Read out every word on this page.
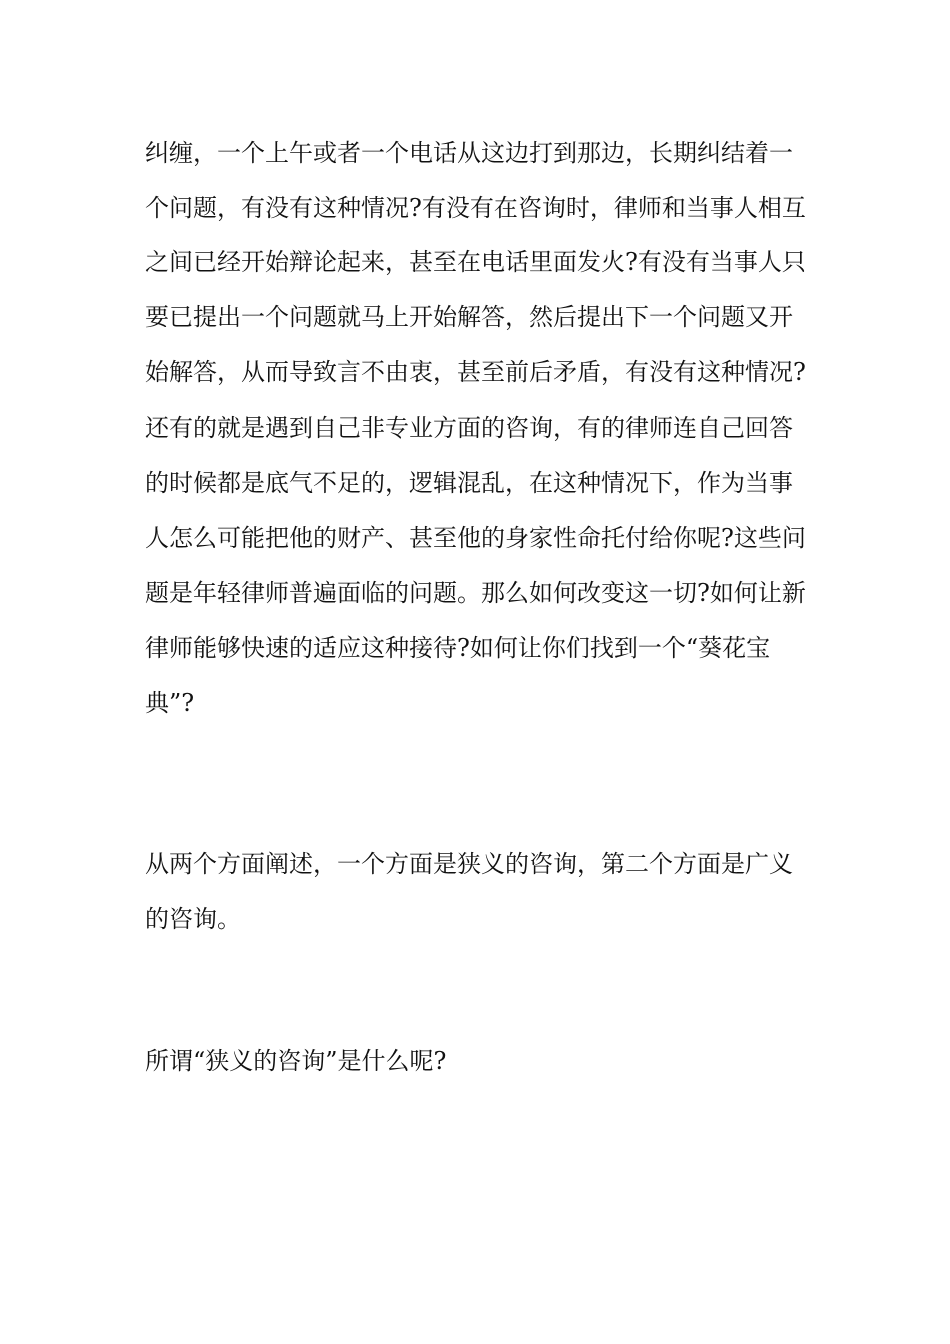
纠缠，一个上午或者一个电话从这边打到那边，长期纠结着一
个问题，有没有这种情况?有没有在咨询时，律师和当事人相互
之间已经开始辩论起来，甚至在电话里面发火?有没有当事人只
要已提出一个问题就马上开始解答，然后提出下一个问题又开
始解答，从而导致言不由衷，甚至前后矛盾，有没有这种情况?
还有的就是遇到自己非专业方面的咨询，有的律师连自己回答
的时候都是底气不足的，逻辑混乱，在这种情况下，作为当事
人怎么可能把他的财产、甚至他的身家性命托付给你呢?这些问
题是年轻律师普遍面临的问题。那么如何改变这一切?如何让新
律师能够快速的适应这种接待?如何让你们找到一个“葵花宝
典”?
从两个方面阐述，一个方面是狭义的咨询，第二个方面是广义
的咨询。
所谓“狭义的咨询”是什么呢?
